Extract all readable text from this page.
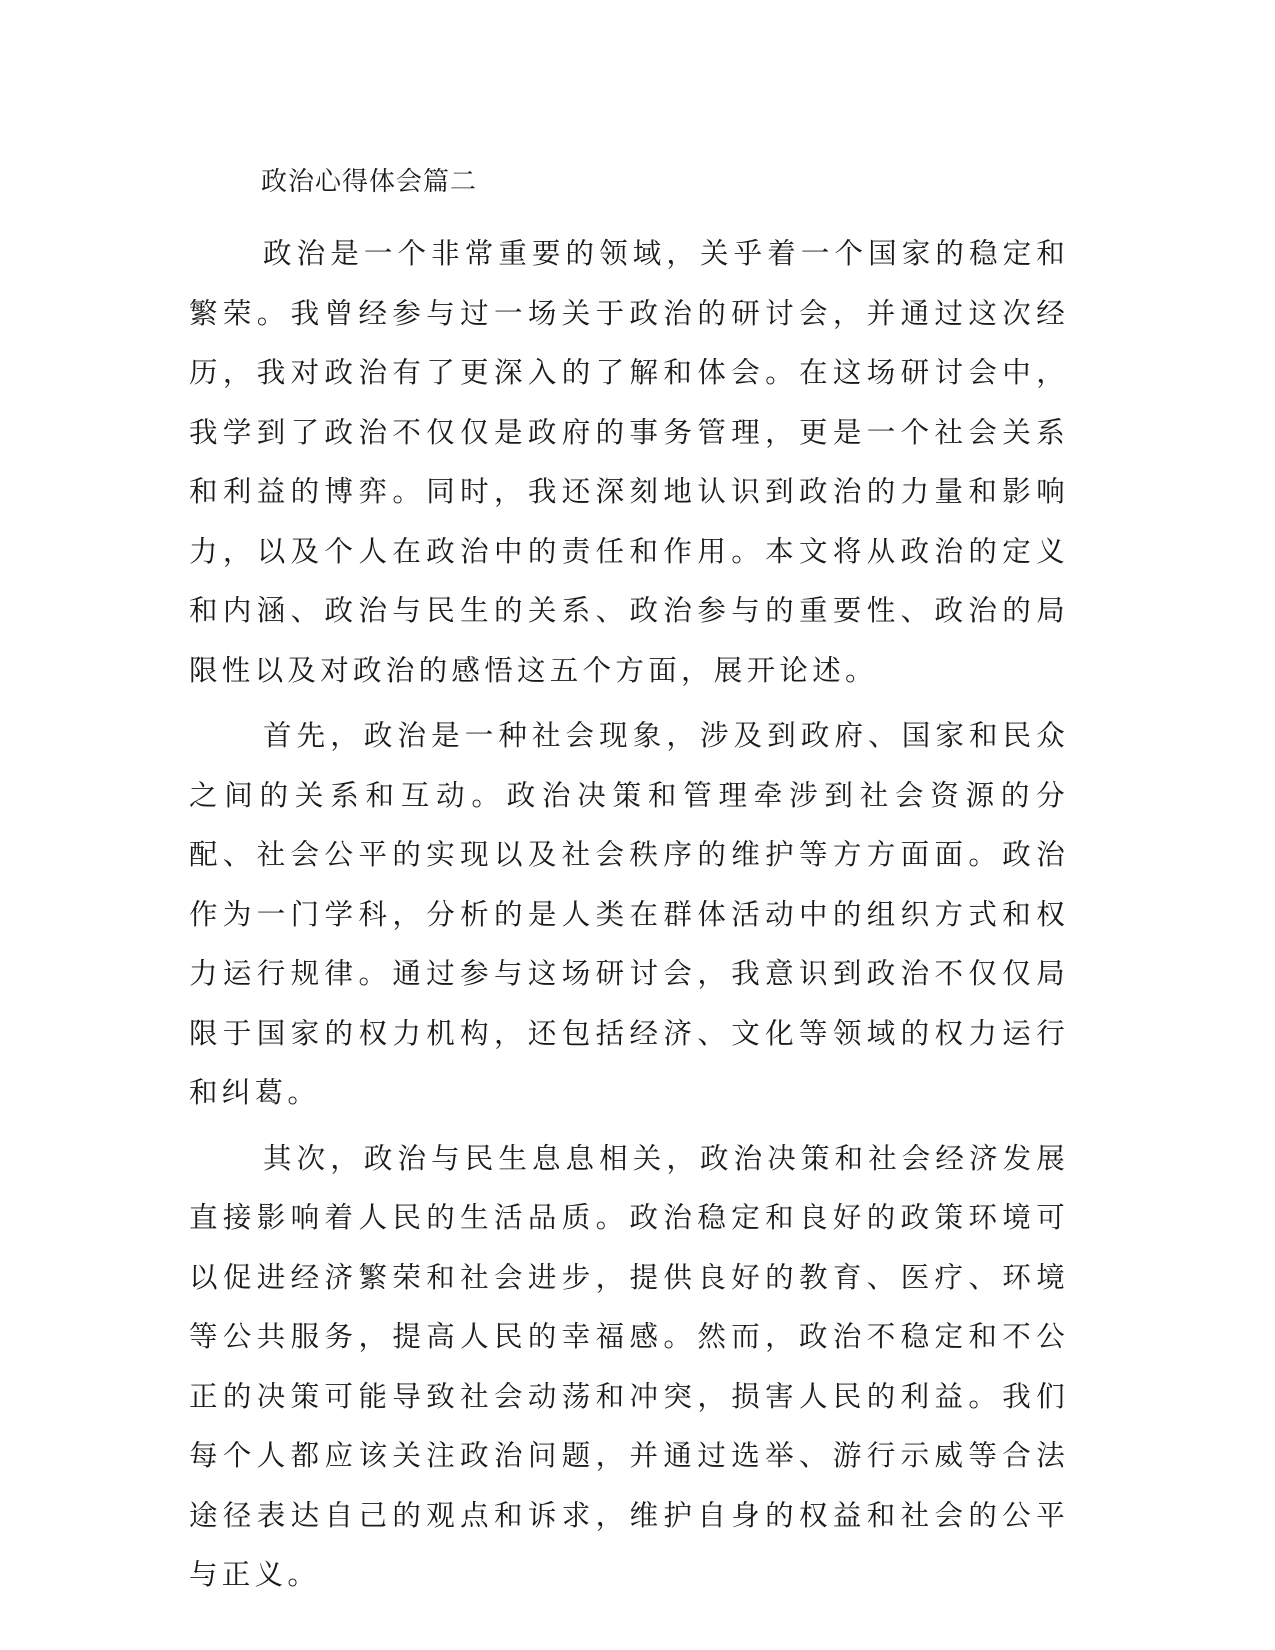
政治心得体会篇二

政治是一个非常重要的领域，关乎着一个国家的稳定和繁荣。我曾经参与过一场关于政治的研讨会，并通过这次经历，我对政治有了更深入的了解和体会。在这场研讨会中，我学到了政治不仅仅是政府的事务管理，更是一个社会关系和利益的博弈。同时，我还深刻地认识到政治的力量和影响力，以及个人在政治中的责任和作用。本文将从政治的定义和内涵、政治与民生的关系、政治参与的重要性、政治的局限性以及对政治的感悟这五个方面，展开论述。

首先，政治是一种社会现象，涉及到政府、国家和民众之间的关系和互动。政治决策和管理牵涉到社会资源的分配、社会公平的实现以及社会秩序的维护等方方面面。政治作为一门学科，分析的是人类在群体活动中的组织方式和权力运行规律。通过参与这场研讨会，我意识到政治不仅仅局限于国家的权力机构，还包括经济、文化等领域的权力运行和纠葛。

其次，政治与民生息息相关，政治决策和社会经济发展直接影响着人民的生活品质。政治稳定和良好的政策环境可以促进经济繁荣和社会进步，提供良好的教育、医疗、环境等公共服务，提高人民的幸福感。然而，政治不稳定和不公正的决策可能导致社会动荡和冲突，损害人民的利益。我们每个人都应该关注政治问题，并通过选举、游行示威等合法途径表达自己的观点和诉求，维护自身的权益和社会的公平与正义。
